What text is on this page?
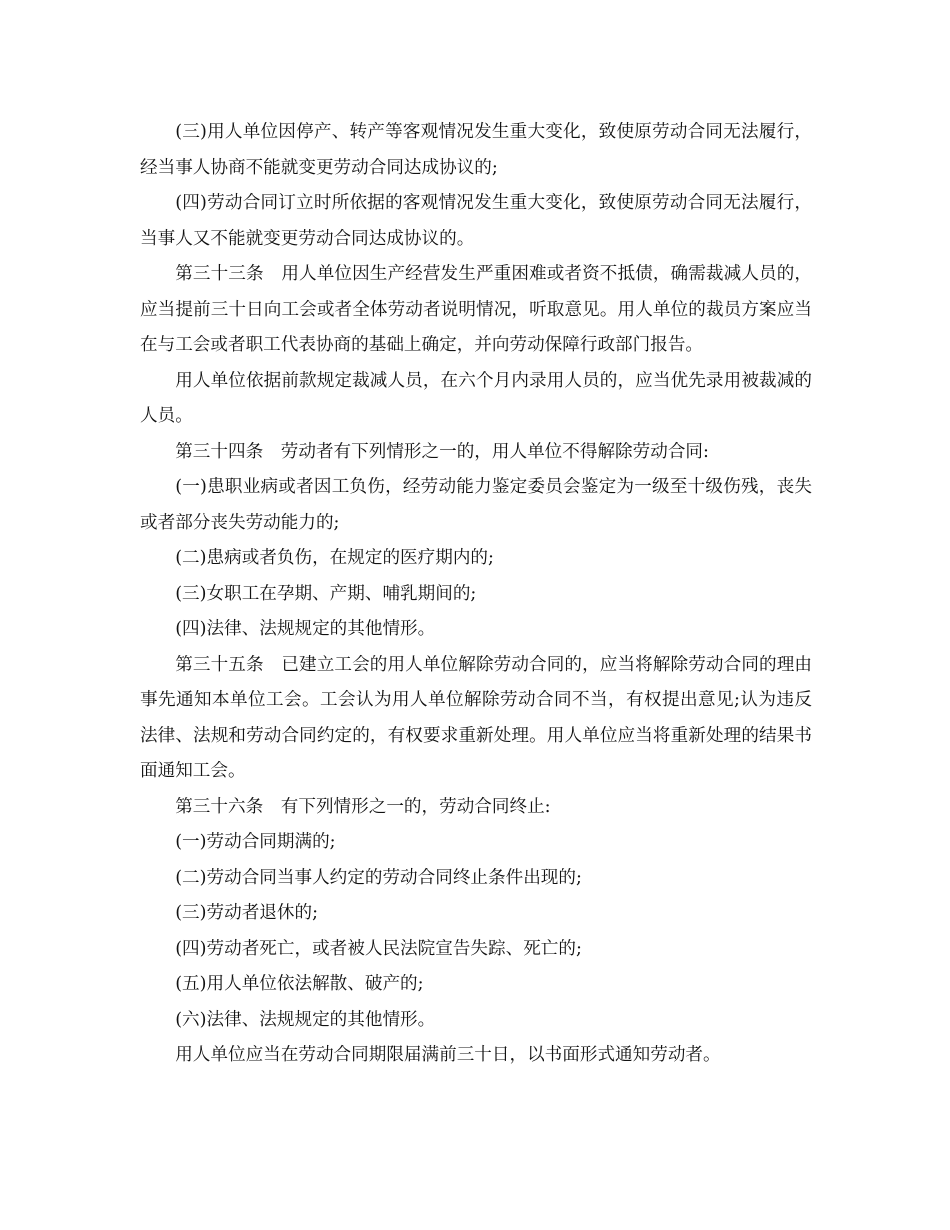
(三)用人单位因停产、转产等客观情况发生重大变化，致使原劳动合同无法履行，经当事人协商不能就变更劳动合同达成协议的;

(四)劳动合同订立时所依据的客观情况发生重大变化，致使原劳动合同无法履行，当事人又不能就变更劳动合同达成协议的。

第三十三条　用人单位因生产经营发生严重困难或者资不抵债，确需裁减人员的，应当提前三十日向工会或者全体劳动者说明情况，听取意见。用人单位的裁员方案应当在与工会或者职工代表协商的基础上确定，并向劳动保障行政部门报告。

用人单位依据前款规定裁减人员，在六个月内录用人员的，应当优先录用被裁减的人员。

第三十四条　劳动者有下列情形之一的，用人单位不得解除劳动合同:

(一)患职业病或者因工负伤，经劳动能力鉴定委员会鉴定为一级至十级伤残，丧失或者部分丧失劳动能力的;

(二)患病或者负伤，在规定的医疗期内的;

(三)女职工在孕期、产期、哺乳期间的;

(四)法律、法规规定的其他情形。

第三十五条　已建立工会的用人单位解除劳动合同的，应当将解除劳动合同的理由事先通知本单位工会。工会认为用人单位解除劳动合同不当，有权提出意见;认为违反法律、法规和劳动合同约定的，有权要求重新处理。用人单位应当将重新处理的结果书面通知工会。

第三十六条　有下列情形之一的，劳动合同终止:

(一)劳动合同期满的;

(二)劳动合同当事人约定的劳动合同终止条件出现的;

(三)劳动者退休的;

(四)劳动者死亡，或者被人民法院宣告失踪、死亡的;

(五)用人单位依法解散、破产的;

(六)法律、法规规定的其他情形。

用人单位应当在劳动合同期限届满前三十日，以书面形式通知劳动者。
